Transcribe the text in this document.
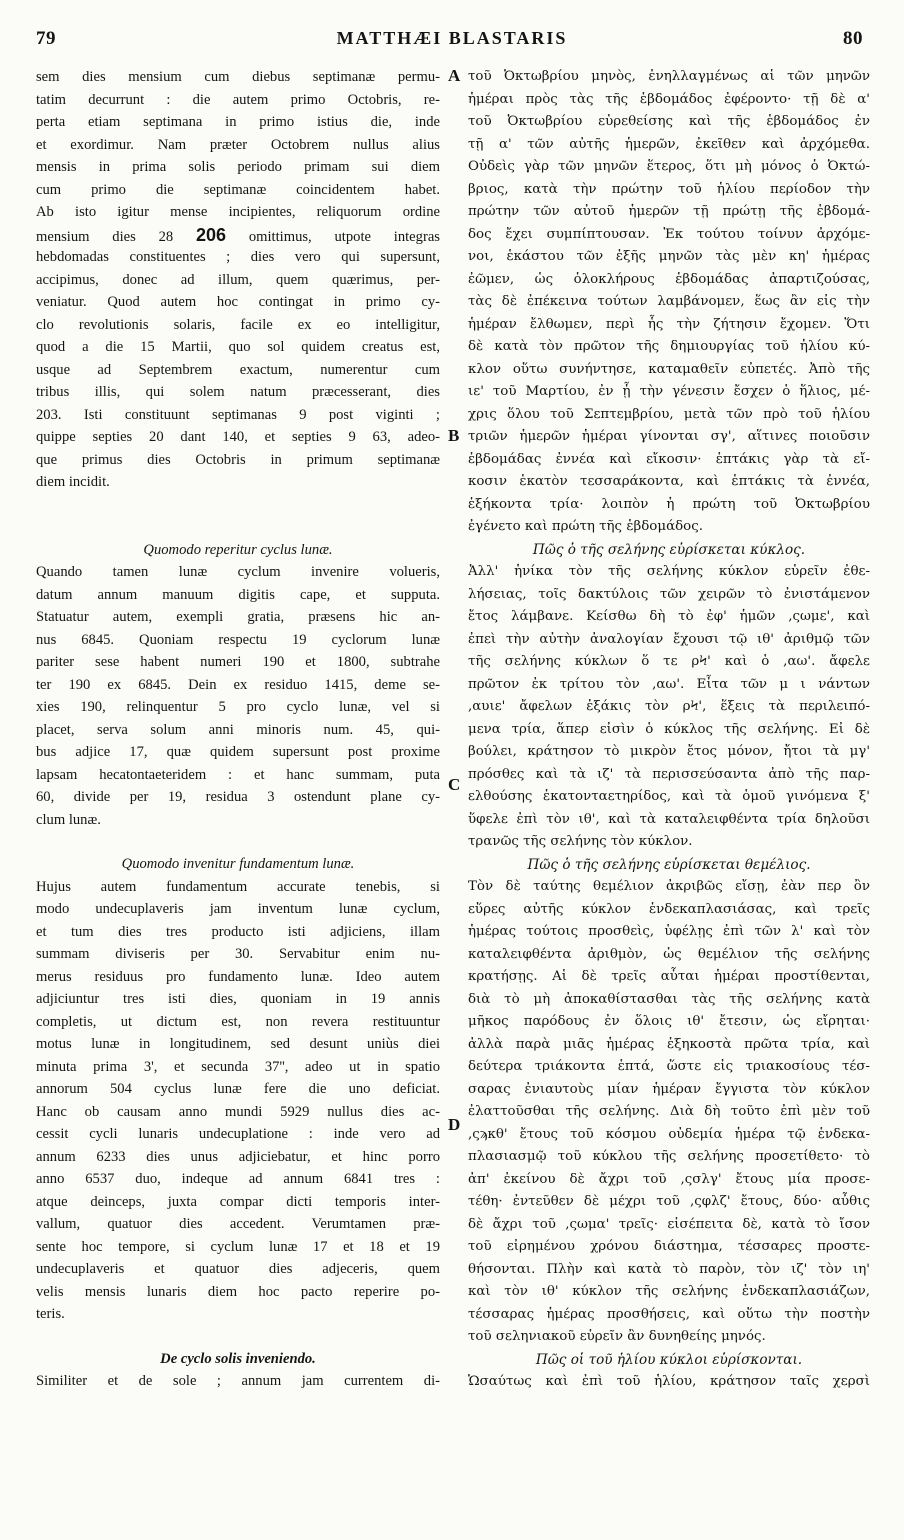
79	MATTHÆI BLASTARIS	80
A
B
C
D
sem dies mensium cum diebus septimanæ permu-
tatim decurrunt : die autem primo Octobris, re-
perta etiam septimana in primo istius die, inde
et exordimur. Nam præter Octobrem nullus alius
mensis in prima solis periodo primam sui diem
cum primo die septimanæ coincidentem habet.
Ab isto igitur mense incipientes, reliquorum ordine
mensium dies 28 206 omittimus, utpote integras
hebdomadas constituentes ; dies vero qui supersunt,
accipimus, donec ad illum, quem quærimus, per-
veniatur. Quod autem hoc contingat in primo cy-
clo revolutionis solaris, facile ex eo intelligitur,
quod a die 15 Martii, quo sol quidem creatus est,
usque ad Septembrem exactum, numerentur cum
tribus illis, qui solem natum præcesserant, dies
203. Isti constituunt septimanas 9 post viginti ;
quippe septies 20 dant 140, et septies 9 63, adeo-
que primus dies Octobris in primum septimanæ
diem incidit.
Quomodo reperitur cyclus lunæ.
Quando tamen lunæ cyclum invenire volueris,
datum annum manuum digitis cape, et supputa.
Statuatur autem, exempli gratia, præsens hic an-
nus 6845. Quoniam respectu 19 cyclorum lunæ
pariter sese habent numeri 190 et 1800, subtrahe
ter 190 ex 6845. Dein ex residuo 1415, deme se-
xies 190, relinquentur 5 pro cyclo lunæ, vel si
placet, serva solum anni minoris num. 45, qui-
bus adjice 17, quæ quidem supersunt post proxime
lapsam hecatontaeteridem : et hanc summam, puta
60, divide per 19, residua 3 ostendunt plane cy-
clum lunæ.
Quomodo invenitur fundamentum lunæ.
Hujus autem fundamentum accurate tenebis, si
modo undecuplaveris jam inventum lunæ cyclum,
et tum dies tres producto isti adjiciens, illam
summam diviseris per 30. Servabitur enim nu-
merus residuus pro fundamento lunæ. Ideo autem
adjiciuntur tres isti dies, quoniam in 19 annis
completis, ut dictum est, non revera restituuntur
motus lunæ in longitudinem, sed desunt uniùs diei
minuta prima 3', et secunda 37'', adeo ut in spatio
annorum 504 cyclus lunæ fere die uno deficiat.
Hanc ob causam anno mundi 5929 nullus dies ac-
cessit cycli lunaris undecuplatione : inde vero ad
annum 6233 dies unus adjiciebatur, et hinc porro
anno 6537 duo, indeque ad annum 6841 tres :
atque deinceps, juxta compar dicti temporis inter-
vallum, quatuor dies accedent. Verumtamen præ-
sente hoc tempore, si cyclum lunæ 17 et 18 et 19
undecuplaveris et quatuor dies adjeceris, quem
velis mensis lunaris diem hoc pacto reperire po-
teris.
De cyclo solis inveniendo.
Similiter et de sole ; annum jam currentem di-
τοῦ Ὀκτωβρίου μηνὸς, ἐνηλλαγμένως αἱ τῶν μηνῶν
ἡμέραι πρὸς τὰς τῆς ἑβδομάδος ἐφέροντο· τῇ δὲ α'
τοῦ Ὀκτωβρίου εὑρεθείσης καὶ τῆς ἑβδομάδος ἐν
τῇ α' τῶν αὐτῆς ἡμερῶν, ἐκεῖθεν καὶ ἀρχόμεθα.
Οὐδεὶς γὰρ τῶν μηνῶν ἕτερος, ὅτι μὴ μόνος ὁ Ὀκτώ-
βριος, κατὰ τὴν πρώτην τοῦ ἡλίου περίοδον τὴν
πρώτην τῶν αὐτοῦ ἡμερῶν τῇ πρώτῃ τῆς ἑβδομά-
δος ἔχει συμπίπτουσαν. Ἐκ τούτου τοίνυν ἀρχόμε-
νοι, ἑκάστου τῶν ἑξῆς μηνῶν τὰς μὲν κη' ἡμέρας
ἐῶμεν, ὡς ὁλοκλήρους ἑβδομάδας ἀπαρτιζούσας,
τὰς δὲ ἐπέκεινα τούτων λαμβάνομεν, ἕως ἂν εἰς τὴν
ἡμέραν ἔλθωμεν, περὶ ἧς τὴν ζήτησιν ἔχομεν. Ὅτι
δὲ κατὰ τὸν πρῶτον τῆς δημιουργίας τοῦ ἡλίου κύ-
κλον οὕτω συνήντησε, καταμαθεῖν εὐπετές. Ἀπὸ τῆς
ιε' τοῦ Μαρτίου, ἐν ᾗ τὴν γένεσιν ἔσχεν ὁ ἥλιος, μέ-
χρις ὅλου τοῦ Σεπτεμβρίου, μετὰ τῶν πρὸ τοῦ ἡλίου
τριῶν ἡμερῶν ἡμέραι γίνονται σγ', αἵτινες ποιοῦσιν
ἑβδομάδας ἐννέα καὶ εἴκοσιν· ἑπτάκις γὰρ τὰ εἴ-
κοσιν ἑκατὸν τεσσαράκοντα, καὶ ἑπτάκις τὰ ἐννέα,
ἑξήκοντα τρία· λοιπὸν ἡ πρώτη τοῦ Ὀκτωβρίου
ἐγένετο καὶ πρώτη τῆς ἑβδομάδος.
Πῶς ὁ τῆς σελήνης εὑρίσκεται κύκλος.
Ἀλλ' ἡνίκα τὸν τῆς σελήνης κύκλον εὑρεῖν ἐθε-
λήσειας, τοῖς δακτύλοις τῶν χειρῶν τὸ ἐνιστάμενον
ἔτος λάμβανε. Κείσθω δὴ τὸ ἐφ' ἡμῶν ,ςωμε', καὶ
ἐπεὶ τὴν αὐτὴν ἀναλογίαν ἔχουσι τῷ ιθ' ἀριθμῷ τῶν
τῆς σελήνης κύκλων ὅ τε ρϞ' καὶ ὁ ,αω'. ἄφελε
πρῶτον ἐκ τρίτου τὸν ,αω'. Εἶτα τῶν μ ι νάντων
,αυιε' ἄφελων ἑξάκις τὸν ρϞ', ἕξεις τὰ περιλειπό-
μενα τρία, ἅπερ εἰσὶν ὁ κύκλος τῆς σελήνης. Εἰ δὲ
βούλει, κράτησον τὸ μικρὸν ἔτος μόνον, ἤτοι τὰ μγ'
πρόσθες καὶ τὰ ιζ' τὰ περισσεύσαντα ἀπὸ τῆς παρ-
ελθούσης ἑκατονταετηρίδος, καὶ τὰ ὁμοῦ γινόμενα ξ'
ὕφελε ἐπὶ τὸν ιθ', καὶ τὰ καταλειφθέντα τρία δηλοῦσι
τρανῶς τῆς σελήνης τὸν κύκλον.
Πῶς ὁ τῆς σελήνης εὑρίσκεται θεμέλιος.
Τὸν δὲ ταύτης θεμέλιον ἀκριβῶς εἴσῃ, ἐὰν περ ὂν
εὕρες αὐτῆς κύκλον ἑνδεκαπλασιάσας, καὶ τρεῖς
ἡμέρας τούτοις προσθεὶς, ὑφέλῃς ἐπὶ τῶν λ' καὶ τὸν
καταλειφθέντα ἀριθμὸν, ὡς θεμέλιον τῆς σελήνης
κρατήσῃς. Αἱ δὲ τρεῖς αὗται ἡμέραι προστίθενται,
διὰ τὸ μὴ ἀποκαθίστασθαι τὰς τῆς σελήνης κατὰ
μῆκος παρόδους ἐν ὅλοις ιθ' ἔτεσιν, ὡς εἴρηται·
ἀλλὰ παρὰ μιᾶς ἡμέρας ἑξηκοστὰ πρῶτα τρία, καὶ
δεύτερα τριάκοντα ἑπτά, ὥστε εἰς τριακοσίους τέσ-
σαρας ἐνιαυτοὺς μίαν ἡμέραν ἔγγιστα τὸν κύκλον
ἐλαττοῦσθαι τῆς σελήνης. Διὰ δὴ τοῦτο ἐπὶ μὲν τοῦ
,ςϡκθ' ἔτους τοῦ κόσμου οὐδεμία ἡμέρα τῷ ἑνδεκα-
πλασιασμῷ τοῦ κύκλου τῆς σελήνης προσετίθετο· τὸ
ἀπ' ἐκείνου δὲ ἄχρι τοῦ ,ςσλγ' ἔτους μία προσε-
τέθη· ἐντεῦθεν δὲ μέχρι τοῦ ,ςφλζ' ἔτους, δύο· αὖθις
δὲ ἄχρι τοῦ ,ςωμα' τρεῖς· εἰσέπειτα δὲ, κατὰ τὸ ἴσον
τοῦ εἰρημένου χρόνου διάστημα, τέσσαρες προστε-
θήσονται. Πλὴν καὶ κατὰ τὸ παρὸν, τὸν ιζ' τὸν ιη'
καὶ τὸν ιθ' κύκλον τῆς σελήνης ἑνδεκαπλασιάζων,
τέσσαρας ἡμέρας προσθήσεις, καὶ οὕτω τὴν ποστὴν
τοῦ σεληνιακοῦ εὑρεῖν ἂν δυνηθείης μηνός.
Πῶς οἱ τοῦ ἡλίου κύκλοι εὑρίσκονται.
Ὡσαύτως καὶ ἐπὶ τοῦ ἡλίου, κράτησον ταῖς χερσὶ
